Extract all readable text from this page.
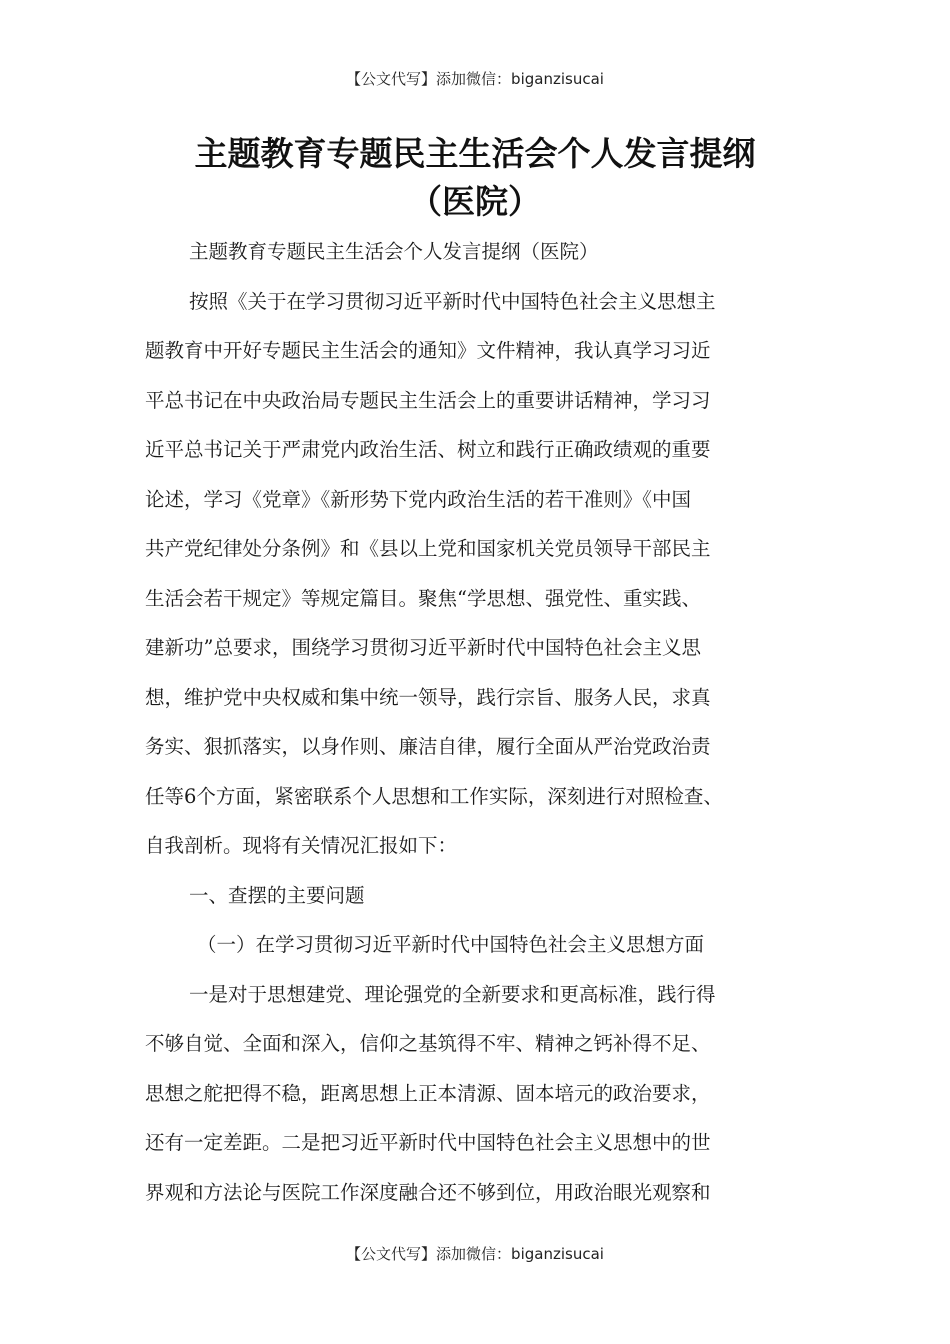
【公文代写】添加微信：biganzisucai
主题教育专题民主生活会个人发言提纲
（医院）
主题教育专题民主生活会个人发言提纲（医院）
按照《关于在学习贯彻习近平新时代中国特色社会主义思想主
题教育中开好专题民主生活会的通知》文件精神，我认真学习习近
平总书记在中央政治局专题民主生活会上的重要讲话精神，学习习
近平总书记关于严肃党内政治生活、树立和践行正确政绩观的重要
论述，学习《党章》《新形势下党内政治生活的若干准则》《中国
共产党纪律处分条例》和《县以上党和国家机关党员领导干部民主
生活会若干规定》等规定篇目。聚焦“学思想、强党性、重实践、
建新功”总要求，围绕学习贯彻习近平新时代中国特色社会主义思
想，维护党中央权威和集中统一领导，践行宗旨、服务人民，求真
务实、狠抓落实，以身作则、廉洁自律，履行全面从严治党政治责
任等6个方面，紧密联系个人思想和工作实际，深刻进行对照检查、
自我剖析。现将有关情况汇报如下：
一、查摆的主要问题
（一）在学习贯彻习近平新时代中国特色社会主义思想方面
一是对于思想建党、理论强党的全新要求和更高标准，践行得
不够自觉、全面和深入，信仰之基筑得不牢、精神之钙补得不足、
思想之舵把得不稳，距离思想上正本清源、固本培元的政治要求，
还有一定差距。二是把习近平新时代中国特色社会主义思想中的世
界观和方法论与医院工作深度融合还不够到位，用政治眼光观察和
【公文代写】添加微信：biganzisucai
